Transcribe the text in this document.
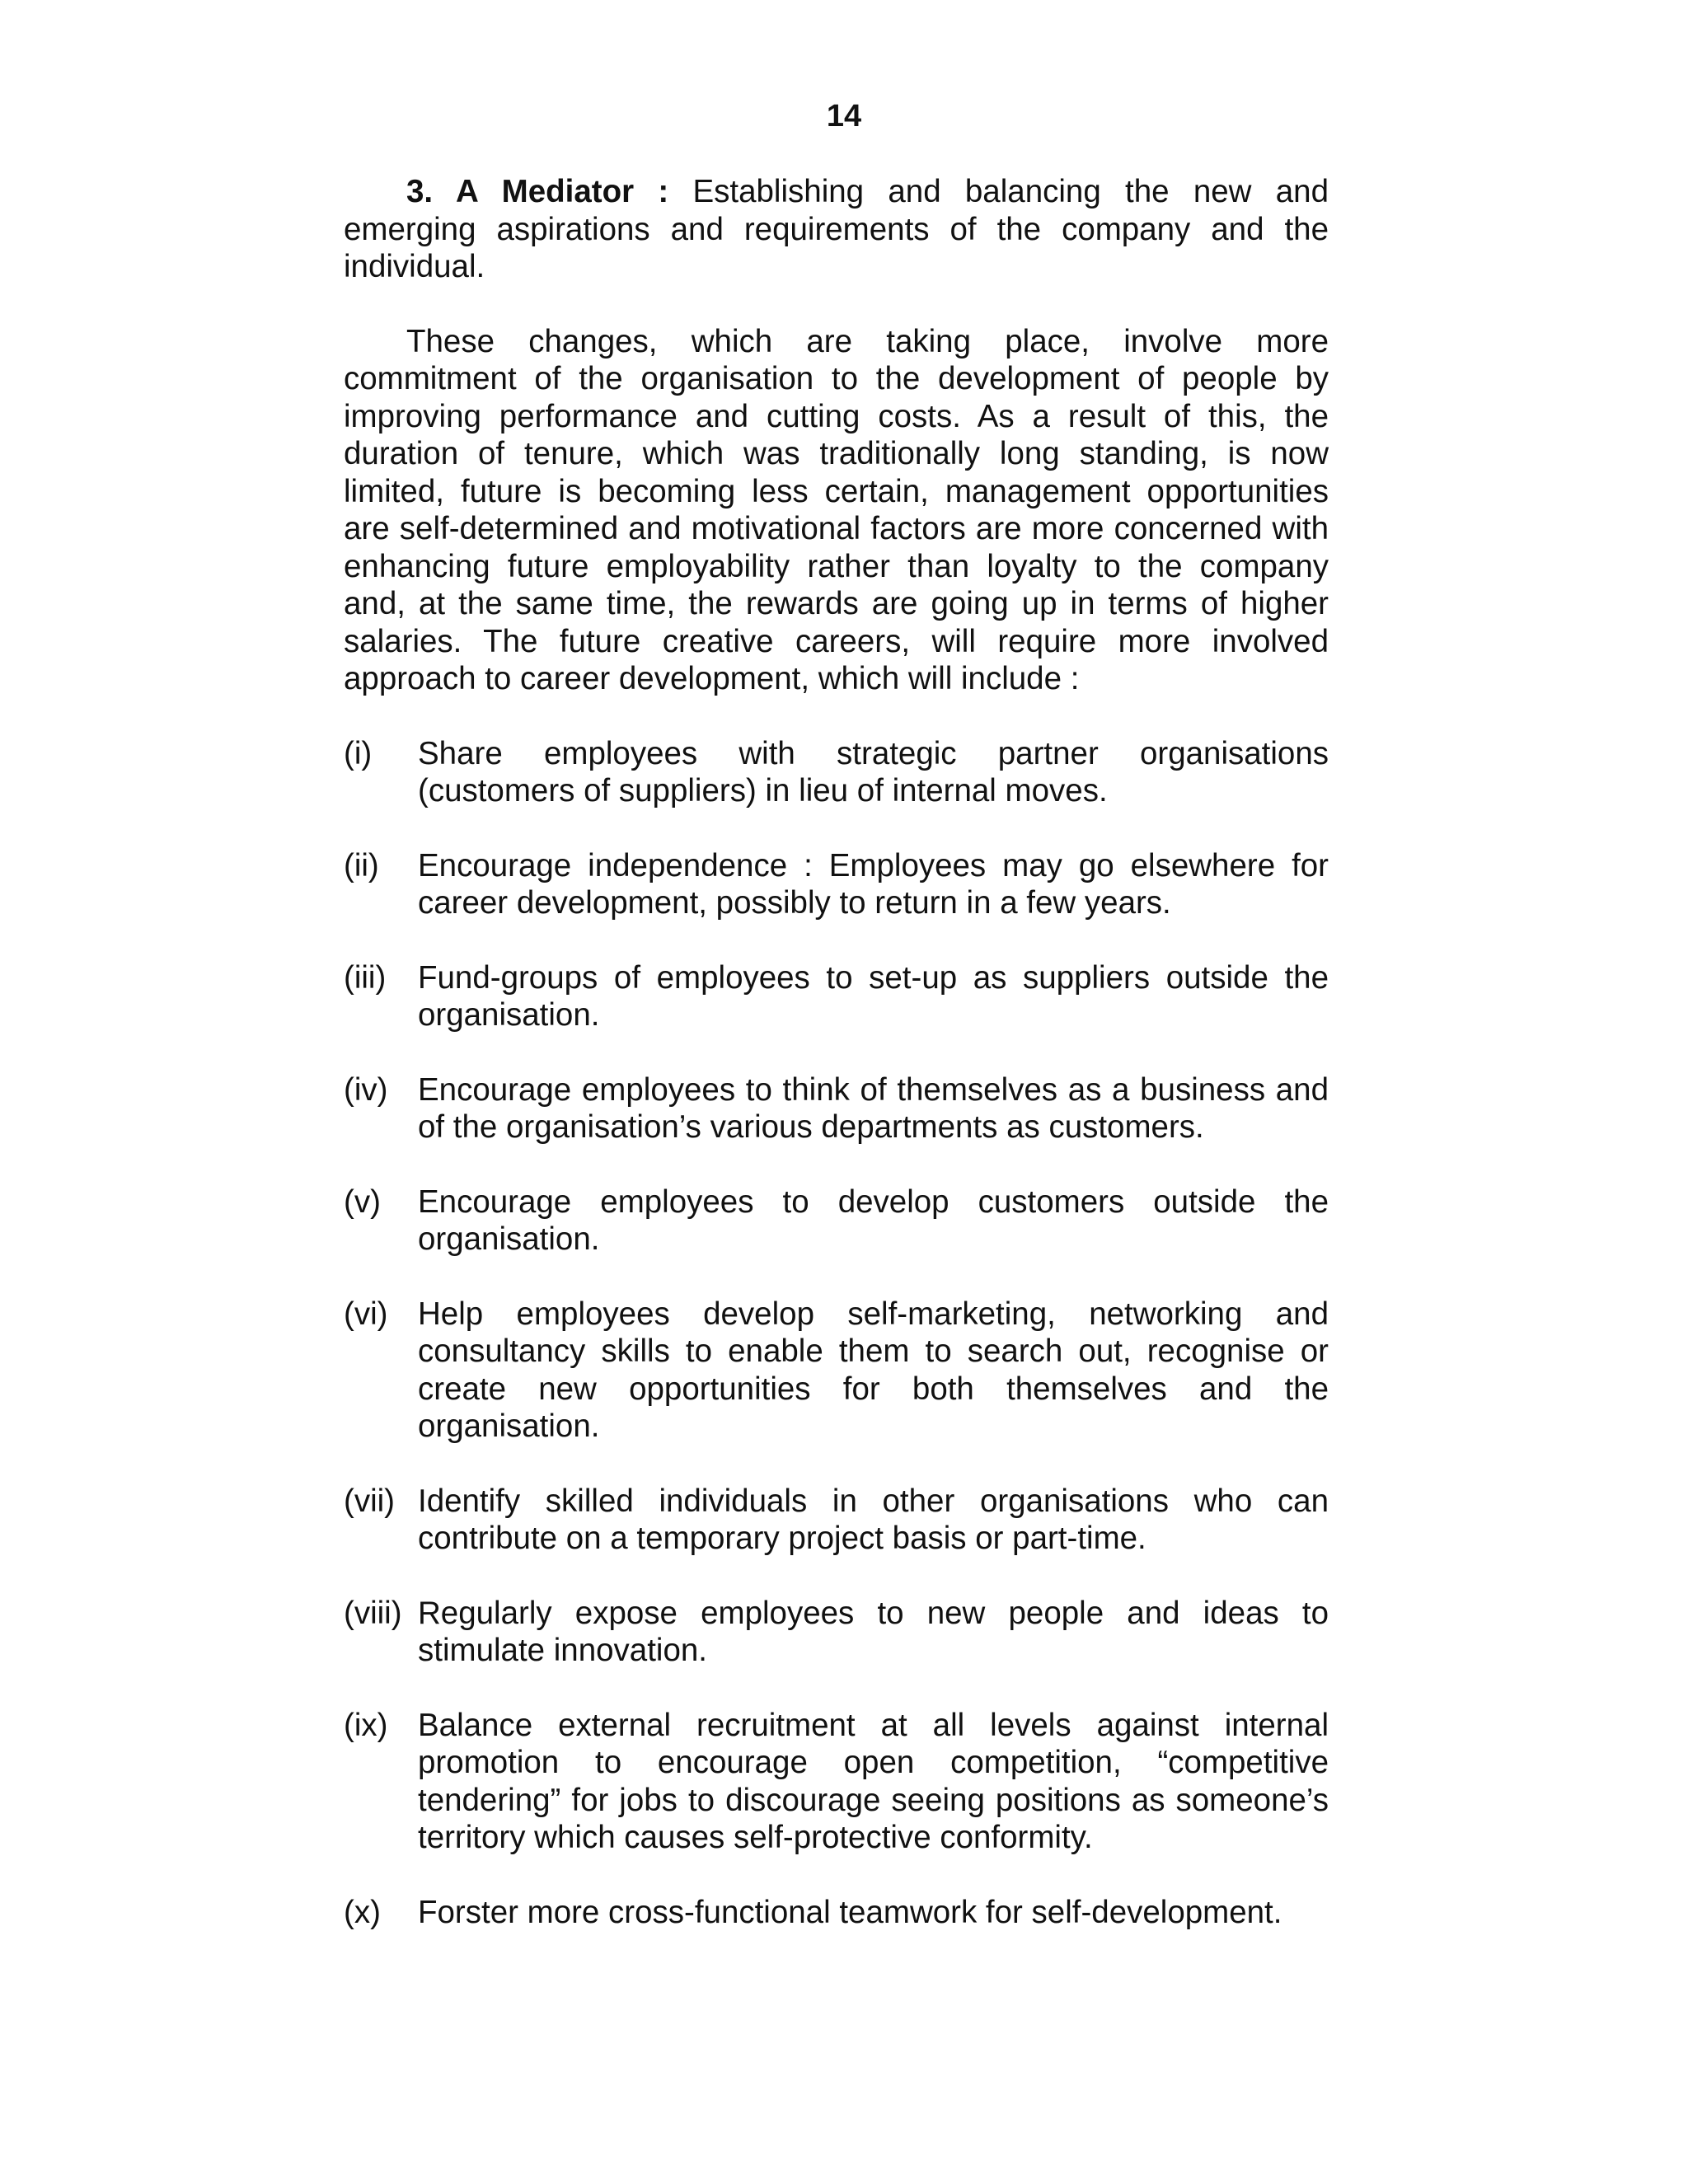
14

3. A Mediator : Establishing and balancing the new and emerging aspirations and requirements of the company and the individual.

These changes, which are taking place, involve more commitment of the organisation to the development of people by improving performance and cutting costs. As a result of this, the duration of tenure, which was traditionally long standing, is now limited, future is becoming less certain, management opportunities are self-determined and motivational factors are more concerned with enhancing future employability rather than loyalty to the company and, at the same time, the rewards are going up in terms of higher salaries. The future creative careers, will require more involved approach to career development, which will include :

(i)	Share employees with strategic partner organisations (customers of suppliers) in lieu of internal moves.
(ii)	Encourage independence : Employees may go elsewhere for career development, possibly to return in a few years.
(iii)	Fund-groups of employees to set-up as suppliers outside the organisation.
(iv) Encourage employees to think of themselves as a business and of the organisation’s various departments as customers.
(v)	Encourage employees to develop customers outside the organisation.
(vi) Help employees develop self-marketing, networking and consultancy skills to enable them to search out, recognise or create new opportunities for both themselves and the organisation.
(vii) Identify skilled individuals in other organisations who can contribute on a temporary project basis or part-time.
(viii) Regularly expose employees to new people and ideas to stimulate innovation.
(ix) Balance external recruitment at all levels against internal promotion to encourage open competition, “competitive tendering” for jobs to discourage seeing positions as someone’s territory which causes self-protective conformity.
(x)	Forster more cross-functional teamwork for self-development.
